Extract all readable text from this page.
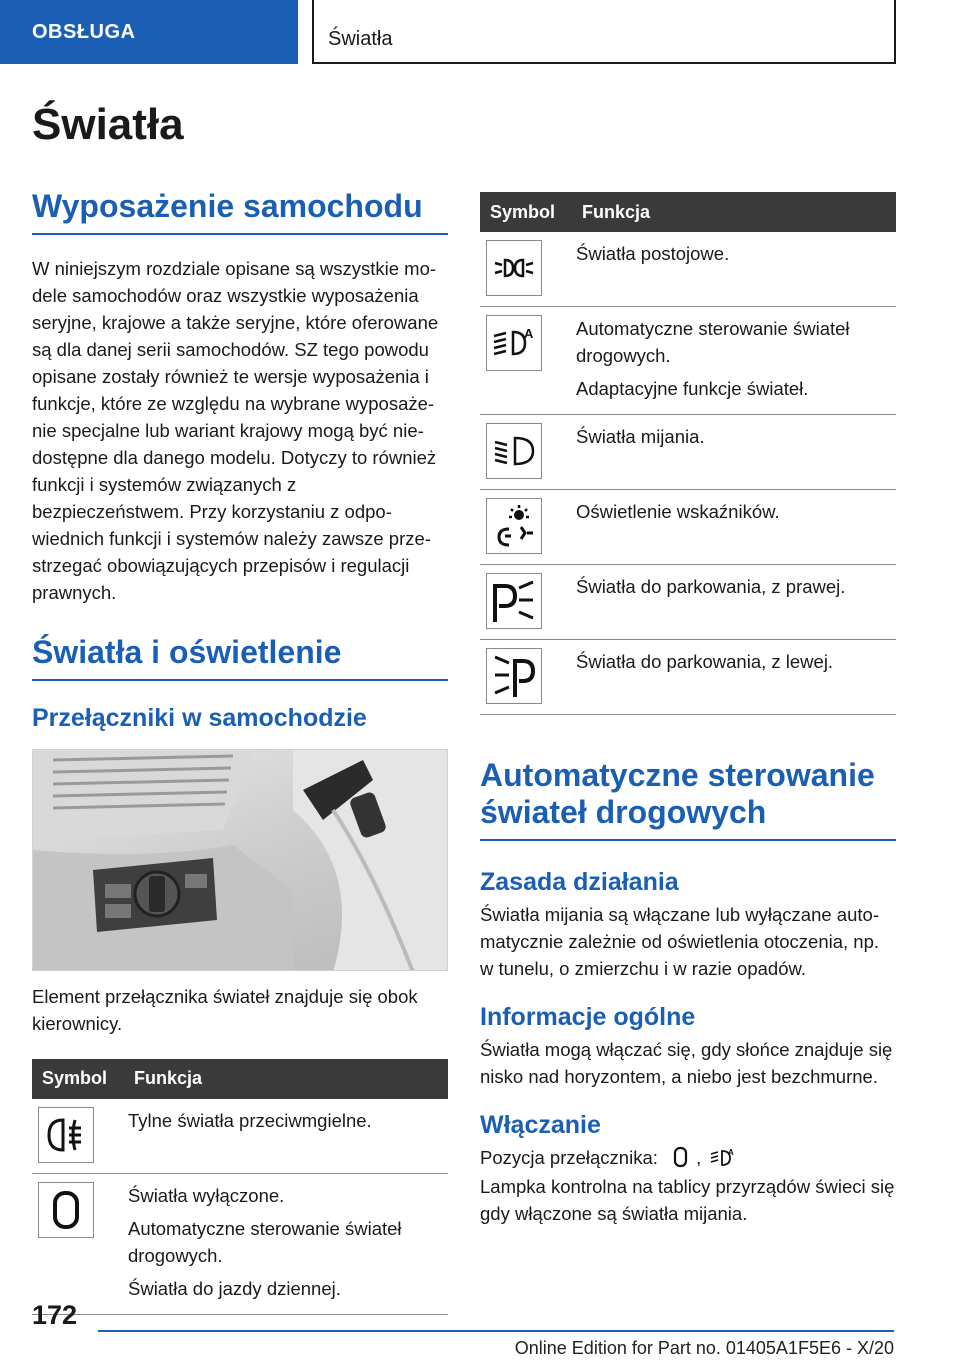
OBSŁUGA	Światła
Światła
Wyposażenie samochodu

W niniejszym rozdziale opisane są wszystkie modele samochodów oraz wszystkie wyposażenia seryjne, krajowe a także seryjne, które oferowane są dla danej serii samochodów. SZ tego powodu opisane zostały również te wersje wyposażenia i funkcje, które ze względu na wybrane wyposażenie specjalne lub wariant krajowy mogą być niedostępne dla danego modelu. Dotyczy to również funkcji i systemów związanych z bezpieczeństwem. Przy korzystaniu z odpowiednich funkcji i systemów należy zawsze przestrzegać obowiązujących przepisów i regulacji prawnych.

Światła i oświetlenie
Przełączniki w samochodzie

Element przełącznika świateł znajduje się obok kierownicy.

Symbol	Funkcja

Tylne światła przeciwmgielne.

Światła wyłączone.
Automatyczne sterowanie świateł drogowych.
Światła do jazdy dziennej.
Symbol	Funkcja

Światła postojowe.

A	Automatyczne sterowanie świateł drogowych.
Adaptacyjne funkcje świateł.

Światła mijania.

Oświetlenie wskaźników.

Światła do parkowania, z prawej.

Światła do parkowania, z lewej.
Automatyczne sterowanie świateł drogowych
Zasada działania

Światła mijania są włączane lub wyłączane automatycznie zależnie od oświetlenia otoczenia, np. w tunelu, o zmierzchu i w razie opadów.

Informacje ogólne

Światła mogą włączać się, gdy słońce znajduje się nisko nad horyzontem, a niebo jest bezchmurne.

Włączanie

Pozycja przełącznika: ,	A

Lampka kontrolna na tablicy przyrządów świeci się gdy włączone są światła mijania.

172
Online Edition for Part no. 01405A1F5E6 - X/20
